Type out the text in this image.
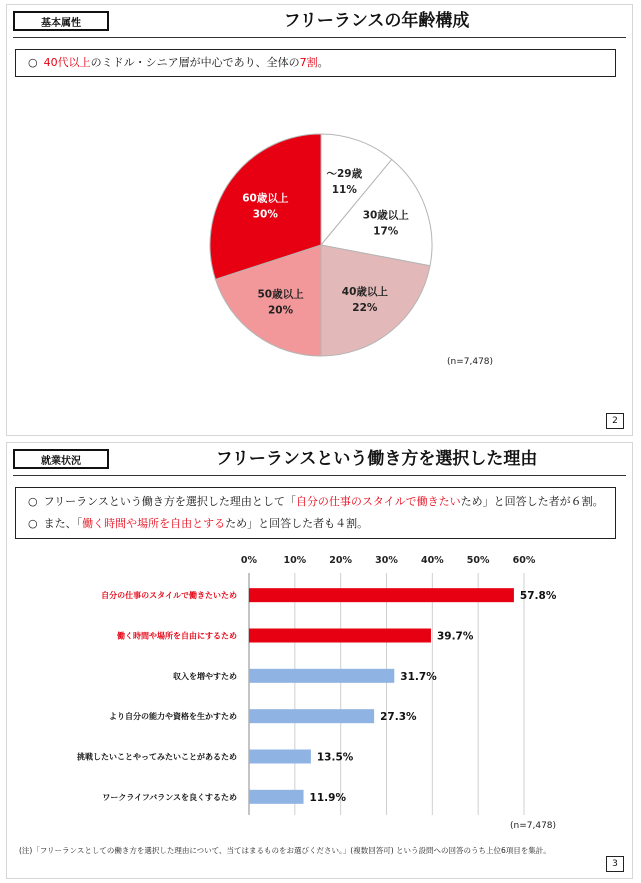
基本属性	フリーランスの年齢構成
○ 40代以上のミドル・シニア層が中心であり、全体の7割。
～29歳
11%
30歳以上
17%
40歳以上
22%
50歳以上
20%
60歳以上
30%
(n=7,478)
2
就業状況	フリーランスという働き方を選択した理由
○ フリーランスという働き方を選択した理由として「自分の仕事のスタイルで働きたいため」と回答した者が６割。
○ また、「働く時間や場所を自由とするため」と回答した者も４割。
0%	10% 20% 30% 40% 50% 60%
自分の仕事のスタイルで働きたいため	57.8%
働く時間や場所を自由にするため	39.7%
収入を増やすため	31.7%
より自分の能力や資格を生かすため	27.3%
挑戦したいことやってみたいことがあるため	13.5%
ワークライフバランスを良くするため	11.9%
(n=7,478)
(注)「フリーランスとしての働き方を選択した理由について、当てはまるものをお選びください。」(複数回答可) という設問への回答のうち上位6項目を集計。
3
